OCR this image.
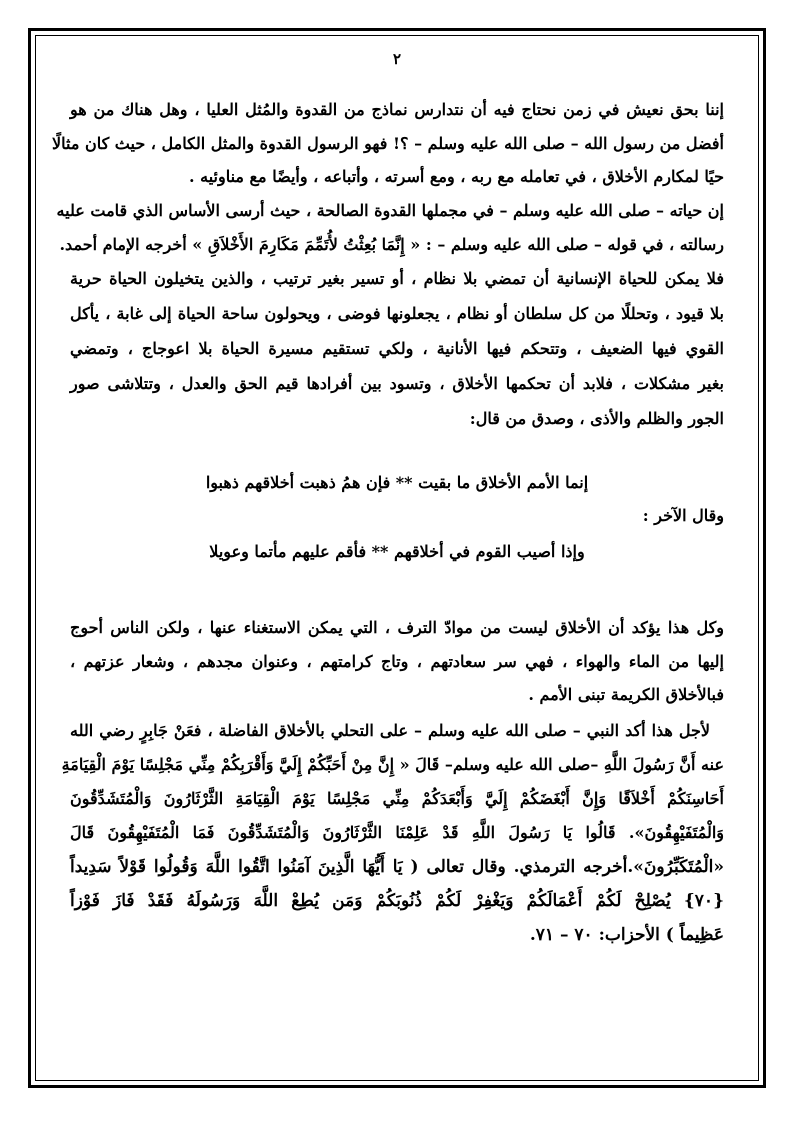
٢
إننا بحق نعيش في زمن نحتاج فيه أن نتدارس نماذج من القدوة والمُثل العليا ، وهل هناك من هو
أفضل من رسول الله – صلى الله عليه وسلم – ؟! فهو الرسول القدوة والمثل الكامل ، حيث كان مثالًا
حيًا لمكارم الأخلاق ، في تعامله مع ربه ، ومع أسرته ، وأتباعه ، وأيضًا مع مناوئيه .
إن حياته – صلى الله عليه وسلم – في مجملها القدوة الصالحة ، حيث أرسى الأساس الذي قامت عليه
رسالته ، في قوله – صلى الله عليه وسلم – : « إِنَّمَا بُعِثْتُ لأُتَمِّمَ مَكَارِمَ الأَخْلاَقِ » أخرجه الإمام أحمد.
فلا يمكن للحياة الإنسانية أن تمضي بلا نظام ، أو تسير بغير ترتيب ، والذين يتخيلون الحياة حرية
بلا قيود ، وتحللًا من كل سلطان أو نظام ، يجعلونها فوضى ، ويحولون ساحة الحياة إلى غابة ، يأكل
القوي فيها الضعيف ، وتتحكم فيها الأنانية ، ولكي تستقيم مسيرة الحياة بلا اعوجاج ، وتمضي
بغير مشكلات ، فلابد أن تحكمها الأخلاق ، وتسود بين أفرادها قيم الحق والعدل ، وتتلاشى صور
الجور والظلم والأذى ، وصدق من قال:
إنما الأمم الأخلاق ما بقيت ** فإن همُ ذهبت أخلاقهم ذهبوا
وقال الآخر :
وإذا أصيب القوم في أخلاقهم ** فأقم عليهم مأتما وعويلا
وكل هذا يؤكد أن الأخلاق ليست من موادّ الترف ، التي يمكن الاستغناء عنها ، ولكن الناس أحوج
إليها من الماء والهواء ، فهي سر سعادتهم ، وتاج كرامتهم ، وعنوان مجدهم ، وشعار عزتهم ،
فبالأخلاق الكريمة تبنى الأمم .
لأجل هذا أكد النبي – صلى الله عليه وسلم – على التحلي بالأخلاق الفاضلة ، فعَنْ جَابِرٍ رضي الله
عنه أَنَّ رَسُولَ اللَّهِ –صلى الله عليه وسلم– قَالَ « إِنَّ مِنْ أَحَبِّكُمْ إِلَيَّ وَأَقْرَبِكُمْ مِنِّي مَجْلِسًا يَوْمَ الْقِيَامَةِ
أَحَاسِنَكُمْ أَخْلاَقًا وَإِنَّ أَبْغَضَكُمْ إِلَيَّ وَأَبْعَدَكُمْ مِنِّي مَجْلِسًا يَوْمَ الْقِيَامَةِ الثَّرْثَارُونَ وَالْمُتَشَدِّقُونَ
وَالْمُتَفَيْهِقُونَ». قَالُوا يَا رَسُولَ اللَّهِ قَدْ عَلِمْنَا الثَّرْثَارُونَ وَالْمُتَشَدِّقُونَ فَمَا الْمُتَفَيْهِقُونَ قَالَ
«الْمُتَكَبِّرُونَ».أخرجه الترمذي. وقال تعالى ( يَا أَيُّهَا الَّذِينَ آمَنُوا اتَّقُوا اللَّهَ وَقُولُوا قَوْلاً سَدِيداً
{٧٠} يُصْلِحْ لَكُمْ أَعْمَالَكُمْ وَيَغْفِرْ لَكُمْ ذُنُوبَكُمْ وَمَن يُطِعْ اللَّهَ وَرَسُولَهُ فَقَدْ فَازَ فَوْزاً
عَظِيماً ) الأحزاب: ٧٠ – ٧١.
